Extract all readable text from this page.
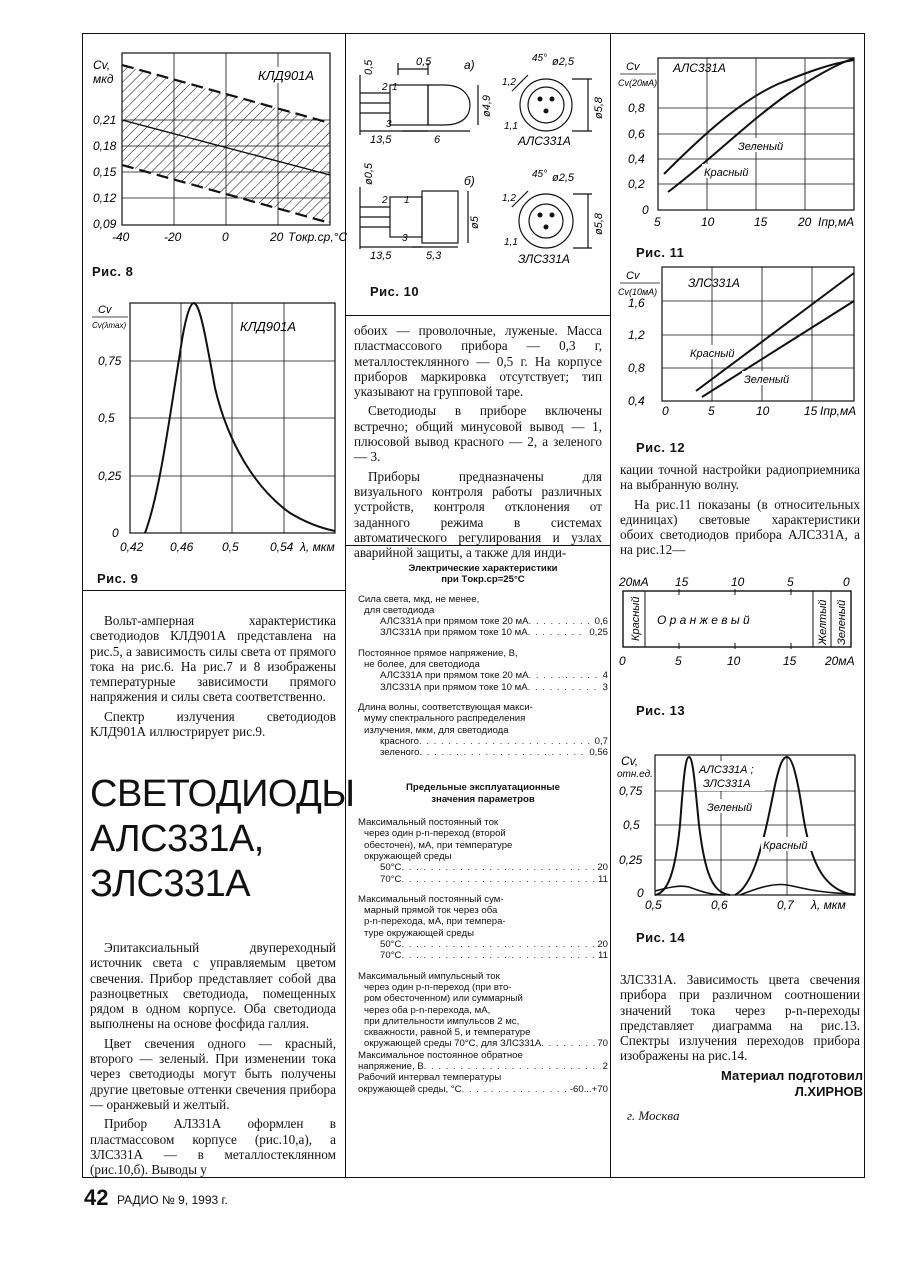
КЛД901А
Cv,
мкд
0,21
0,18
0,15
0,12
0,09
-40	-20	0	20 Tокр.ср,°С
Рис. 8
КЛД901А
Cv
Cv(λmax)
0,75
0,5
0,25
0
0,42 0,46 0,5	0,54 λ, мкм
Рис. 9
0,5	0,5
2 1
3
13,5	6
ø4,9
а)	ø2,5
ø5,8
1,2
45°
1,1
АЛС331А
ø0,5
2 1
3
13,5	5,3
ø5
б)	ø2,5
ø5,8
1,2
45°
1,1
ЗЛС331А
Рис. 10
АЛС331А
Cv
Cv(20мА)
0,8
0,6
0,4
0,2
0
5	10	15	20 Iпр,мА
Зеленый
Красный
Рис. 11
ЗЛС331А
Cv
Cv(10мА)
1,6
1,2
0,8
0,4
0	5	10	15 Iпр,мА
Красный
Зеленый
Рис. 12

обоих — проволочные, луженые. Масса пластмассового прибора — 0,3 г, металлостеклянного — 0,5 г. На корпусе приборов маркировка отсутствует; тип указывают на групповой таре.

Светодиоды в приборе включены встречно; общий минусовой вывод — 1, плюсовой вывод красного — 2, а зеленого — 3.

Приборы предназначены для визуального контроля работы различных устройств, контроля отклонения от заданного режима в системах автоматического регулирования и узлах аварийной защиты, а также для инди-

кации точной настройки радиоприемника на выбранную волну.

На рис.11 показаны (в относительных единицах) световые характеристики обоих светодиодов прибора АЛС331А, а на рис.12—

Вольт-амперная характеристика светодиодов КЛД901А представлена на рис.5, а зависимость силы света от прямого тока на рис.6. На рис.7 и 8 изображены температурные зависимости прямого напряжения и силы света соответственно.

Спектр излучения светодиодов КЛД901А иллюстрирует рис.9.

СВЕТОДИОДЫ
АЛС331А,
ЗЛС331А

Эпитаксиальный двупереходный источник света с управляемым цветом свечения. Прибор представляет собой два разноцветных светодиода, помещенных рядом в одном корпусе. Оба светодиода выполнены на основе фосфида галлия.

Цвет свечения одного — красный, второго — зеленый. При изменении тока через светодиоды могут быть получены другие цветовые оттенки свечения прибора — оранжевый и желтый.

Прибор АЛ331А оформлен в пластмассовом корпусе (рис.10,а), а ЗЛС331А — в металлостеклянном (рис.10,б). Выводы у

Электрические характеристики
при Tокр.ср=25°С
Сила света, мкд, не менее,
для светодиода
АЛС331А при прямом токе 20 мА . . .	0,6
ЗЛС331А при прямом токе 10 мА . . .	0,25
Постоянное прямое напряжение, В,
не более, для светодиода
АЛС331А при прямом токе 20 мА . . .	4
ЗЛС331А при прямом токе 10 мА . . .	3
Длина волны, соответствующая макси-
муму спектрального распределения
излучения, мкм, для светодиода
красного . . .	0,7
зеленого . . .	0,56
Предельные эксплуатационные
значения параметров
Максимальный постоянный ток
через один p-n-переход (второй
обесточен), мА, при температуре
окружающей среды
50°С . . .	20
70°С . . .	11
Максимальный постоянный сум-
марный прямой ток через оба
p-n-перехода, мА, при темпера-
туре окружающей среды
50°С . . .	20
70°С . . .	11
Максимальный импульсный ток
через один p-n-переход (при вто-
ром обесточенном) или суммарный
через оба p-n-перехода, мА,
при длительности импульсов 2 мс,
скважности, равной 5, и температуре
окружающей среды 70°С, для ЗЛС331А . . .	70
Максимальное постоянное обратное
напряжение, В . . .	2
Рабочий интервал температуры
окружающей среды, °С . . .	-60...+70
20мА 15	10	5	0
Красный О р а н ж е в ы й	Желтый Зеленый
0	5	10	15 20мА
Рис. 13
АЛС331А ;
ЗЛС331А
Cv,
отн.ед.
0,75
0,5
0,25
0
0,5	0,6	0,7 λ, мкм
Зеленый
Красный
Рис. 14

ЗЛС331А. Зависимость цвета свечения прибора при различном соотношении значений тока через p-n-переходы представляет диаграмма на рис.13. Спектры излучения переходов прибора изображены на рис.14.

Материал подготовил
Л.ХИРНОВ
г. Москва
42 РАДИО № 9, 1993 г.
